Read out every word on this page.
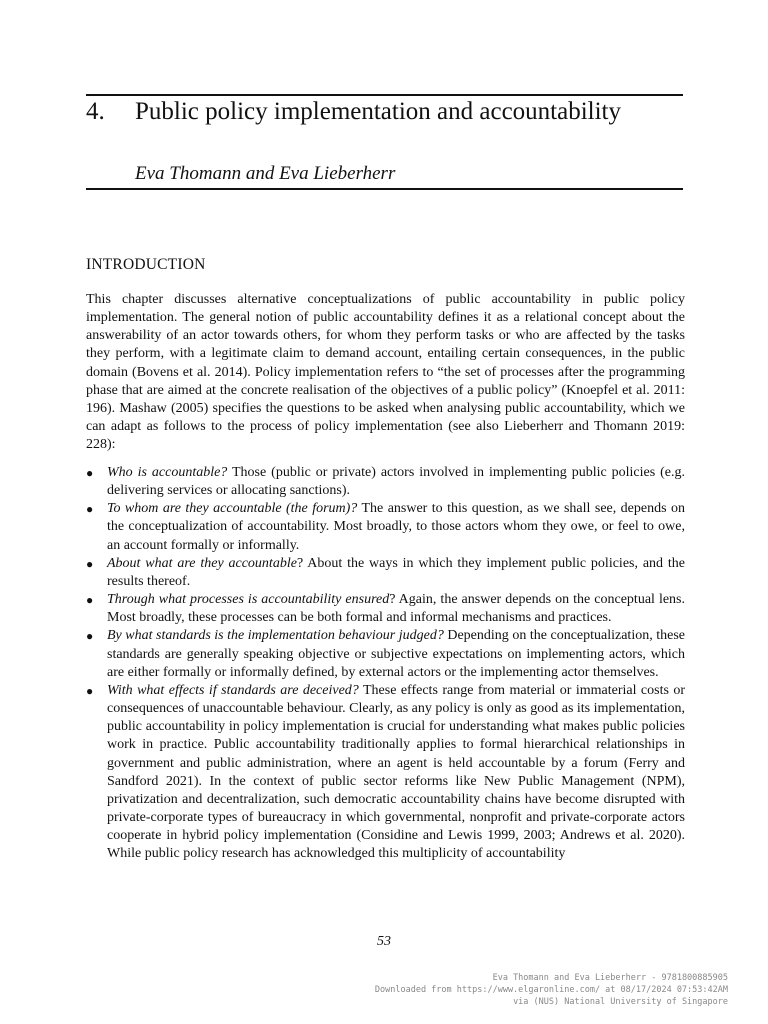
4. Public policy implementation and accountability
Eva Thomann and Eva Lieberherr
INTRODUCTION

This chapter discusses alternative conceptualizations of public accountability in public policy implementation. The general notion of public accountability defines it as a relational concept about the answerability of an actor towards others, for whom they perform tasks or who are affected by the tasks they perform, with a legitimate claim to demand account, entailing certain consequences, in the public domain (Bovens et al. 2014). Policy implementation refers to “the set of processes after the programming phase that are aimed at the concrete realisation of the objectives of a public policy” (Knoepfel et al. 2011: 196). Mashaw (2005) specifies the questions to be asked when analysing public accountability, which we can adapt as follows to the process of policy implementation (see also Lieberherr and Thomann 2019: 228):

● Who is accountable? Those (public or private) actors involved in implementing public policies (e.g. delivering services or allocating sanctions).
● To whom are they accountable (the forum)? The answer to this question, as we shall see, depends on the conceptualization of accountability. Most broadly, to those actors whom they owe, or feel to owe, an account formally or informally.
● About what are they accountable? About the ways in which they implement public policies, and the results thereof.
● Through what processes is accountability ensured? Again, the answer depends on the conceptual lens. Most broadly, these processes can be both formal and informal mechanisms and practices.
● By what standards is the implementation behaviour judged? Depending on the conceptualization, these standards are generally speaking objective or subjective expectations on implementing actors, which are either formally or informally defined, by external actors or the implementing actor themselves.
● With what effects if standards are deceived? These effects range from material or immaterial costs or consequences of unaccountable behaviour. Clearly, as any policy is only as good as its implementation, public accountability in policy implementation is crucial for understanding what makes public policies work in practice. Public accountability traditionally applies to formal hierarchical relationships in government and public administration, where an agent is held accountable by a forum (Ferry and Sandford 2021). In the context of public sector reforms like New Public Management (NPM), privatization and decentralization, such democratic accountability chains have become disrupted with private-corporate types of bureaucracy in which governmental, nonprofit and private-corporate actors cooperate in hybrid policy implementation (Considine and Lewis 1999, 2003; Andrews et al. 2020). While public policy research has acknowledged this multiplicity of accountability
53
Eva Thomann and Eva Lieberherr - 9781800885905
Downloaded from https://www.elgaronline.com/ at 08/17/2024 07:53:42AM
via (NUS) National University of Singapore
